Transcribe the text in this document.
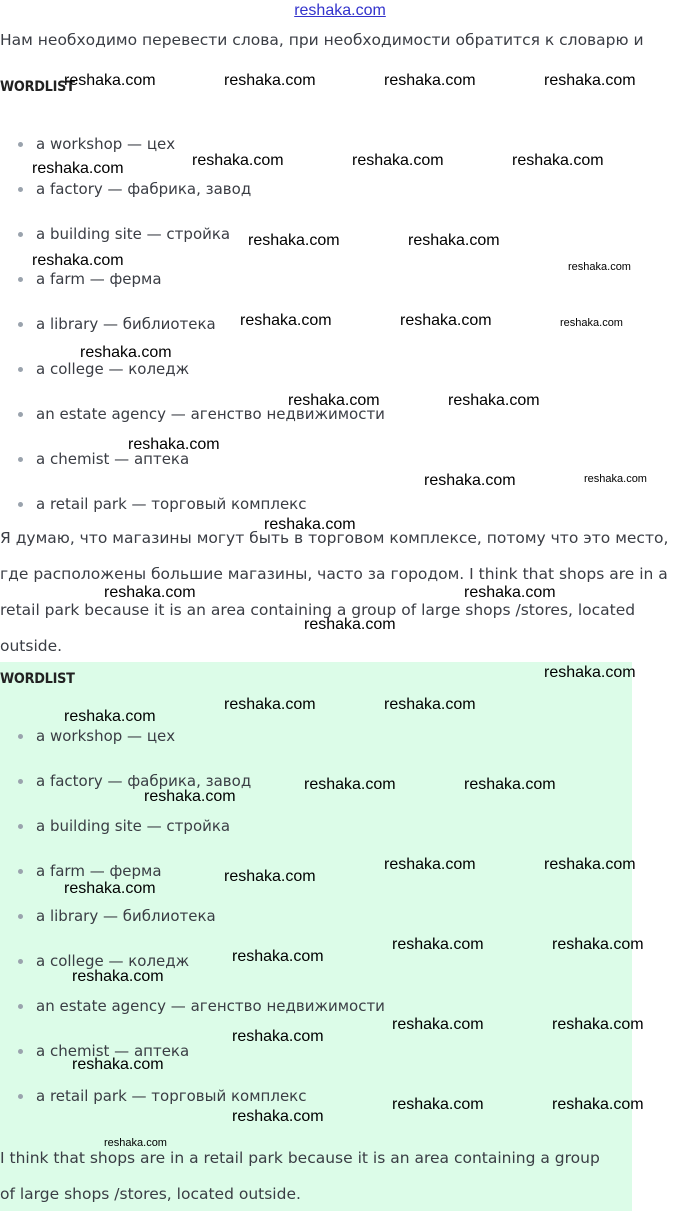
reshaka.com
Нам необходимо перевести слова, при необходимости обратится к словарю и
WORDLIST
a workshop — цех
a factory — фабрика, завод
a building site — стройка
a farm — ферма
a library — библиотека
a college — коледж
an estate agency — агенство недвижимости
a chemist — аптека
a retail park — торговый комплекс
Я думаю, что магазины могут быть в торговом комплексе, потому что это место, где расположены большие магазины, часто за городом. I think that shops are in a retail park because it is an area containing a group of large shops /stores, located outside.
WORDLIST
a workshop — цех
a factory — фабрика, завод
a building site — стройка
a farm — ферма
a library — библиотека
a college — коледж
an estate agency — агенство недвижимости
a chemist — аптека
a retail park — торговый комплекс
I think that shops are in a retail park because it is an area containing a group of large shops /stores, located outside.
reshaka.com	reshaka.com	reshaka.com	reshaka.com
reshaka.com	reshaka.com	reshaka.com	reshaka.com
reshaka.com	reshaka.com
reshaka.com	reshaka.com
reshaka.com	reshaka.com	reshaka.com
reshaka.com
reshaka.com	reshaka.com
reshaka.com
reshaka.com	reshaka.com
reshaka.com
reshaka.com	reshaka.com
reshaka.com
reshaka.com
reshaka.com	reshaka.com
reshaka.com
reshaka.com	reshaka.com
reshaka.com
reshaka.com	reshaka.com
reshaka.com
reshaka.com
reshaka.com	reshaka.com
reshaka.com
reshaka.com
reshaka.com	reshaka.com
reshaka.com
reshaka.com
reshaka.com	reshaka.com
reshaka.com
reshaka.com
